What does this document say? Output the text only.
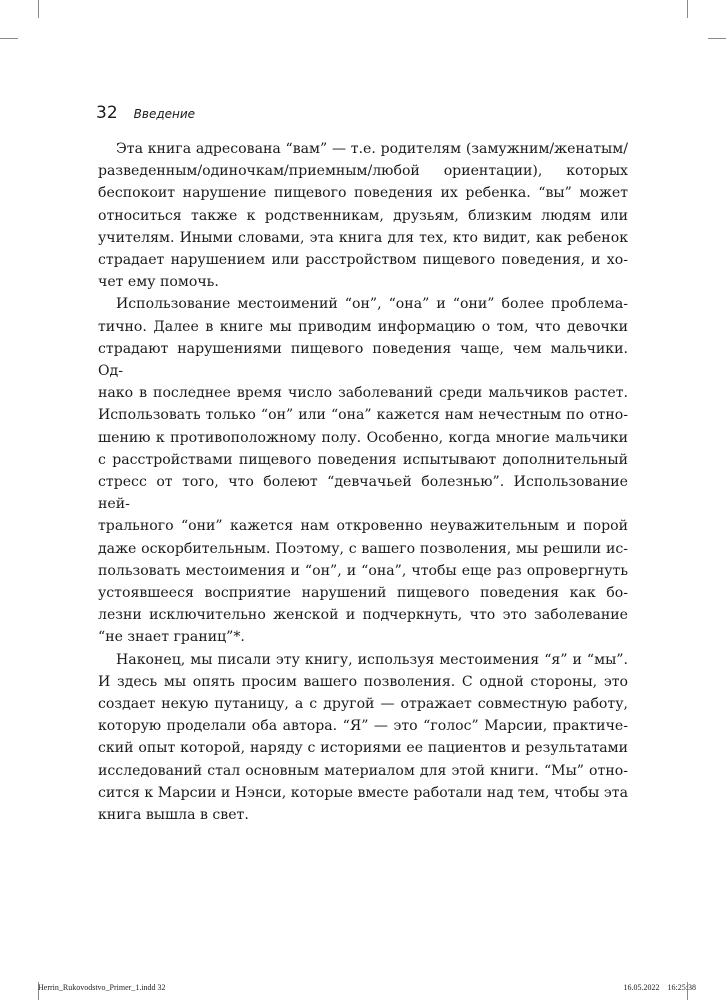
32 Введение
Эта книга адресована “вам” — т.е. родителям (замужним/женатым/
разведенным/одиночкам/приемным/любой ориентации), которых
беспокоит нарушение пищевого поведения их ребенка. “вы” может
относиться также к родственникам, друзьям, близким людям или
учителям. Иными словами, эта книга для тех, кто видит, как ребенок
страдает нарушением или расстройством пищевого поведения, и хо-
чет ему помочь.
Использование местоимений “он”, “она” и “они” более проблема-
тично. Далее в книге мы приводим информацию о том, что девочки
страдают нарушениями пищевого поведения чаще, чем мальчики. Од-
нако в последнее время число заболеваний среди мальчиков растет.
Использовать только “он” или “она” кажется нам нечестным по отно-
шению к противоположному полу. Особенно, когда многие мальчики
с расстройствами пищевого поведения испытывают дополнительный
стресс от того, что болеют “девчачьей болезнью”. Использование ней-
трального “они” кажется нам откровенно неуважительным и порой
даже оскорбительным. Поэтому, с вашего позволения, мы решили ис-
пользовать местоимения и “он”, и “она”, чтобы еще раз опровергнуть
устоявшееся восприятие нарушений пищевого поведения как бо-
лезни исключительно женской и подчеркнуть, что это заболевание
“не знает границ”*.
Наконец, мы писали эту книгу, используя местоимения “я” и “мы”.
И здесь мы опять просим вашего позволения. С одной стороны, это
создает некую путаницу, а с другой — отражает совместную работу,
которую проделали оба автора. “Я” — это “голос” Марсии, практиче-
ский опыт которой, наряду с историями ее пациентов и результатами
исследований стал основным материалом для этой книги. “Мы” отно-
сится к Марсии и Нэнси, которые вместе работали над тем, чтобы эта
книга вышла в свет.
Herrin_Rukovodstvo_Primer_1.indd 32	16.05.2022 16:25:38
